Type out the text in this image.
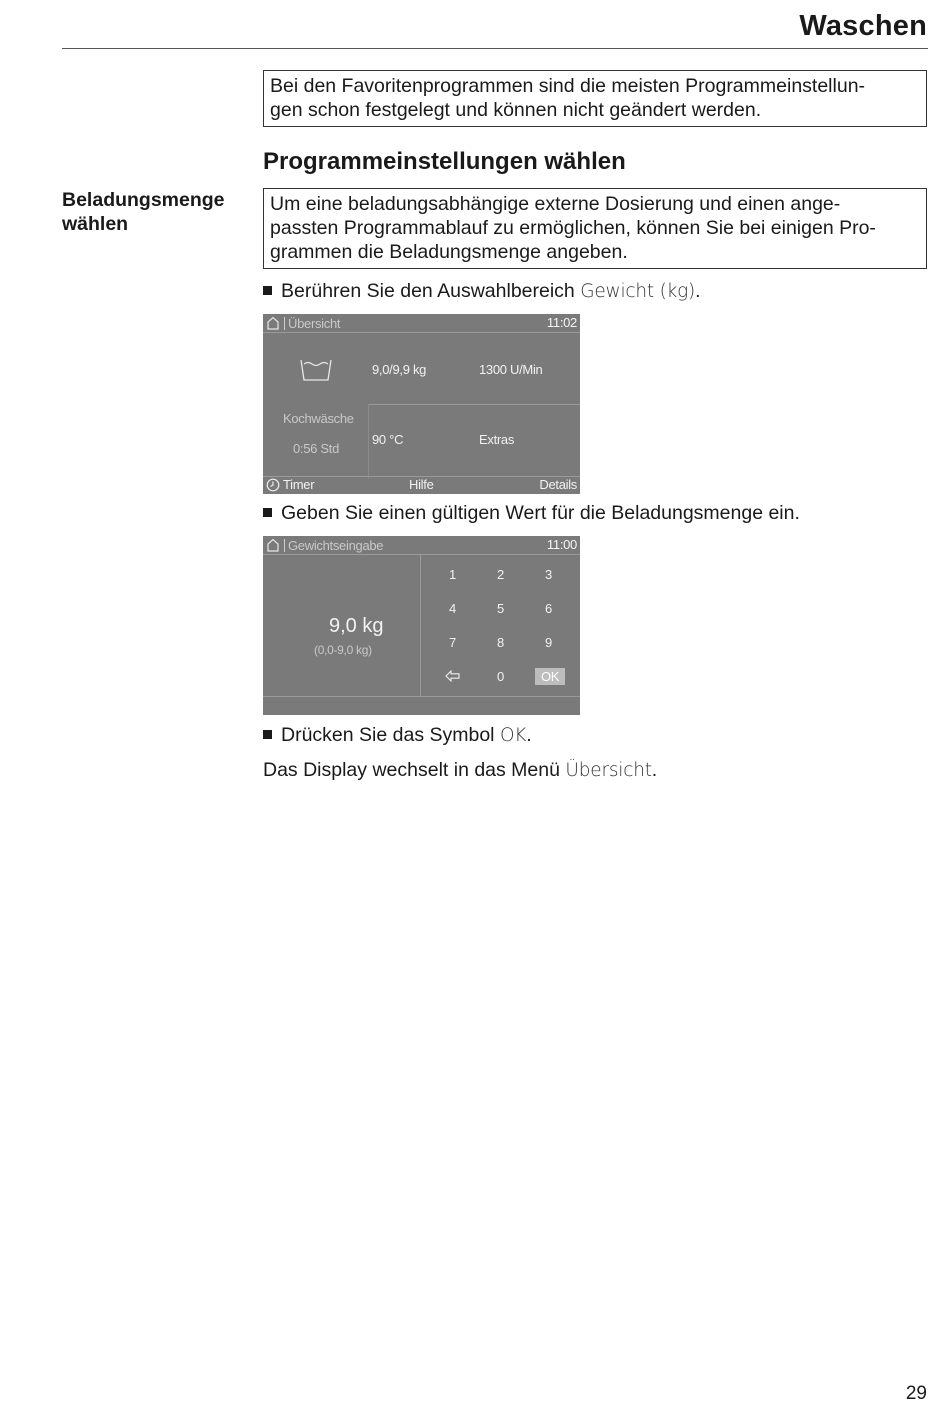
Waschen
Bei den Favoritenprogrammen sind die meisten Programmeinstellun-
gen schon festgelegt und können nicht geändert werden.
Programmeinstellungen wählen
Beladungsmenge
wählen
Um eine beladungsabhängige externe Dosierung und einen ange-
passten Programmablauf zu ermöglichen, können Sie bei einigen Pro-
grammen die Beladungsmenge angeben.
Berühren Sie den Auswahlbereich Gewicht (kg).
Übersicht	11:02
9,0/9,9 kg	1300 U/Min
Kochwäsche
0:56 Std
90 °C	Extras
Timer	Hilfe	Details
Geben Sie einen gültigen Wert für die Beladungsmenge ein.
Gewichtseingabe	11:00
9,0 kg
(0,0-9,0 kg)
1	2	3
4	5	6
7	8	9
0	OK
Drücken Sie das Symbol OK.
Das Display wechselt in das Menü Übersicht.
29
